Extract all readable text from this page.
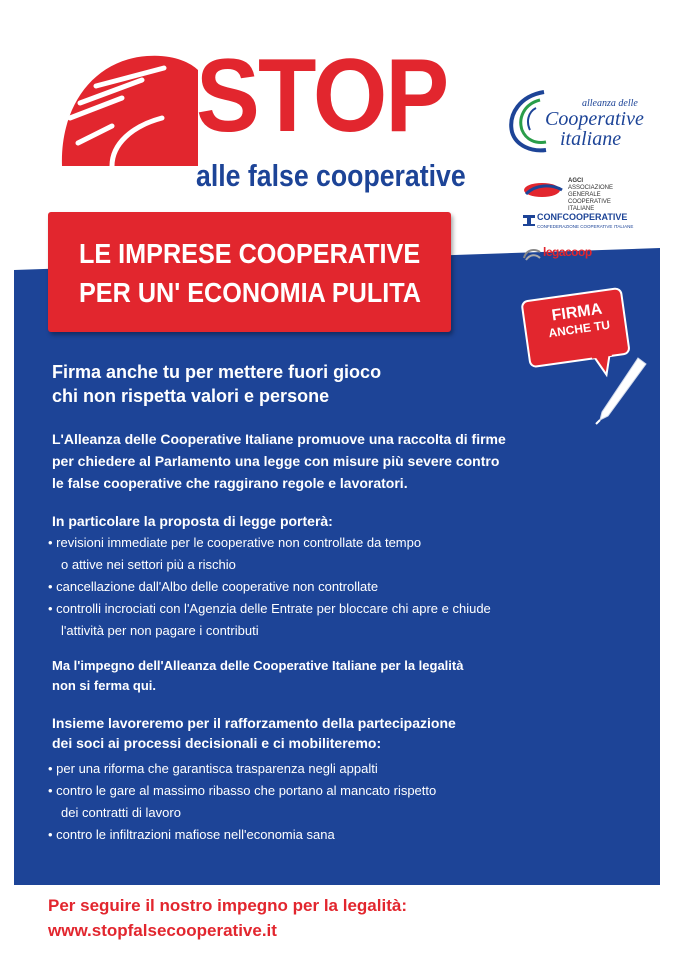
STOP
alle false cooperative
LE IMPRESE COOPERATIVE
PER UN' ECONOMIA PULITA
alleanza delle
Cooperative
italiane
AGCI
ASSOCIAZIONE
GENERALE
COOPERATIVE
ITALIANE
CONFCOOPERATIVE
CONFEDERAZIONE COOPERATIVE ITALIANE
legacoop
FIRMA
ANCHE TU
Firma anche tu per mettere fuori gioco
chi non rispetta valori e persone
L'Alleanza delle Cooperative Italiane promuove una raccolta di firme
per chiedere al Parlamento una legge con misure più severe contro
le false cooperative che raggirano regole e lavoratori.
In particolare la proposta di legge porterà:
• revisioni immediate per le cooperative non controllate da tempo
o attive nei settori più a rischio
• cancellazione dall'Albo delle cooperative non controllate
• controlli incrociati con l'Agenzia delle Entrate per bloccare chi apre e chiude
l'attività per non pagare i contributi
Ma l'impegno dell'Alleanza delle Cooperative Italiane per la legalità
non si ferma qui.
Insieme lavoreremo per il rafforzamento della partecipazione
dei soci ai processi decisionali e ci mobiliteremo:
• per una riforma che garantisca trasparenza negli appalti
• contro le gare al massimo ribasso che portano al mancato rispetto
dei contratti di lavoro
• contro le infiltrazioni mafiose nell'economia sana
Per seguire il nostro impegno per la legalità:
www.stopfalsecooperative.it
